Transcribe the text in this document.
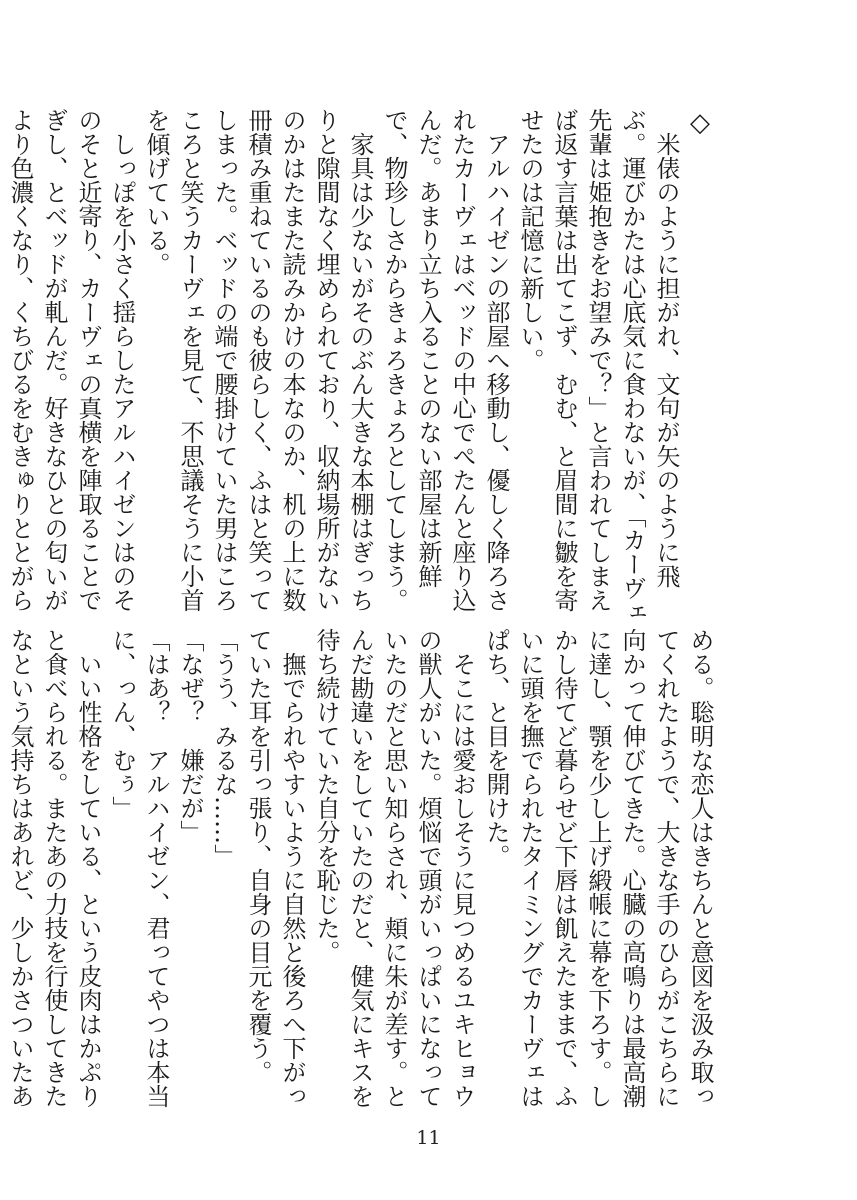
◇

　米俵のように担がれ、文句が矢のように飛ぶ。運びかたは心底気に食わないが、「カーヴェ先輩は姫抱きをお望みで？」と言われてしまえば返す言葉は出てこず、むむ、と眉間に皺を寄せたのは記憶に新しい。

　アルハイゼンの部屋へ移動し、優しく降ろされたカーヴェはベッドの中心でぺたんと座り込んだ。あまり立ち入ることのない部屋は新鮮で、物珍しさからきょろきょろとしてしまう。

　家具は少ないがそのぶん大きな本棚はぎっちりと隙間なく埋められており、収納場所がないのかはたまた読みかけの本なのか、机の上に数冊積み重ねているのも彼らしく、ふはと笑ってしまった。ベッドの端で腰掛けていた男はころころと笑うカーヴェを見て、不思議そうに小首を傾げている。

　しっぽを小さく揺らしたアルハイゼンはのそのそと近寄り、カーヴェの真横を陣取ることでぎし、とベッドが軋んだ。好きなひとの匂いがより色濃くなり、くちびるをむきゅりととがら

める。聡明な恋人はきちんと意図を汲み取ってくれたようで、大きな手のひらがこちらに向かって伸びてきた。心臓の高鳴りは最高潮に達し、顎を少し上げ緞帳に幕を下ろす。しかし待てど暮らせど下唇は飢えたままで、ふいに頭を撫でられたタイミングでカーヴェはぱち、と目を開けた。

　そこには愛おしそうに見つめるユキヒョウの獣人がいた。煩悩で頭がいっぱいになっていたのだと思い知らされ、頬に朱が差す。とんだ勘違いをしていたのだと、健気にキスを待ち続けていた自分を恥じた。

　撫でられやすいように自然と後ろへ下がっていた耳を引っ張り、自身の目元を覆う。

「うう、みるな……」

「なぜ？　嫌だが」

「はあ？　アルハイゼン、君ってやつは本当に、っん、むぅ」

　いい性格をしている、という皮肉はかぷりと食べられる。またあの力技を行使してきたなという気持ちはあれど、少しかさついたあ　

11
